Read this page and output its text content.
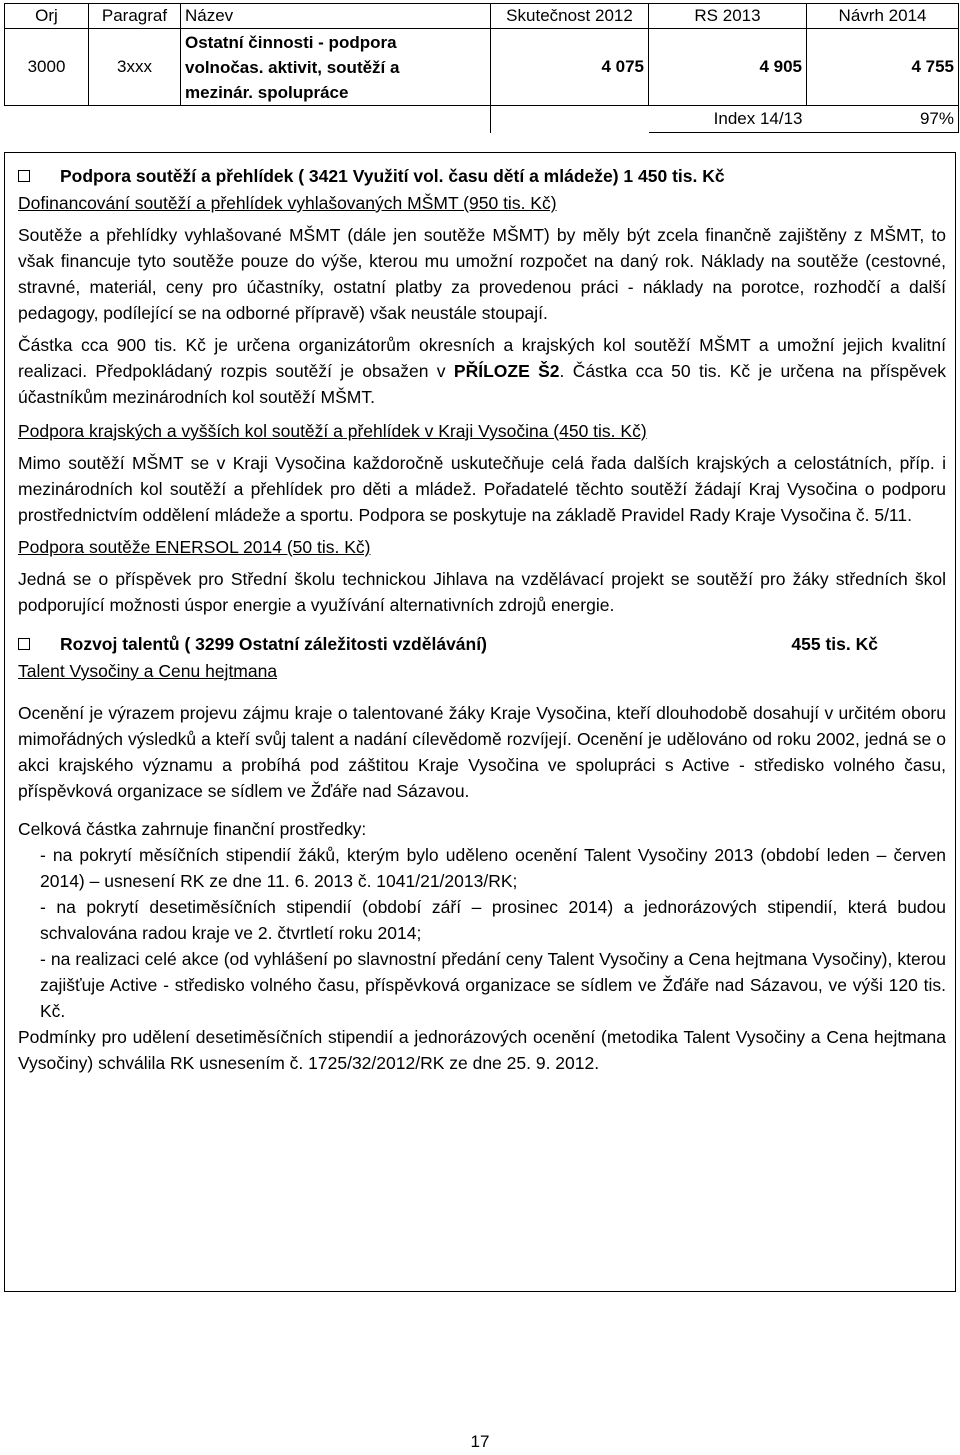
Orj	Paragraf	Název	Skutečnost 2012	RS 2013	Návrh 2014
3000	3xxx	Ostatní činnosti - podpora
volnočas. aktivit, soutěží a
mezinár. spolupráce	4 075	4 905	4 755
				Index 14/13	97%
Podpora soutěží a přehlídek ( 3421 Využití vol. času dětí a mládeže) 1 450 tis. Kč

Dofinancování soutěží a přehlídek vyhlašovaných MŠMT (950 tis. Kč)

Soutěže a přehlídky vyhlašované MŠMT (dále jen soutěže MŠMT) by měly být zcela finančně zajištěny z MŠMT, to však financuje tyto soutěže pouze do výše, kterou mu umožní rozpočet na daný rok. Náklady na soutěže (cestovné, stravné, materiál, ceny pro účastníky, ostatní platby za provedenou práci - náklady na porotce, rozhodčí a další pedagogy, podílející se na odborné přípravě) však neustále stoupají.

Částka cca 900 tis. Kč je určena organizátorům okresních a krajských kol soutěží MŠMT a umožní jejich kvalitní realizaci. Předpokládaný rozpis soutěží je obsažen v PŘÍLOZE Š2. Částka cca 50 tis. Kč je určena na příspěvek účastníkům mezinárodních kol soutěží MŠMT.

Podpora krajských a vyšších kol soutěží a přehlídek v Kraji Vysočina (450 tis. Kč)

Mimo soutěží MŠMT se v Kraji Vysočina každoročně uskutečňuje celá řada dalších krajských a celostátních, příp. i mezinárodních kol soutěží a přehlídek pro děti a mládež. Pořadatelé těchto soutěží žádají Kraj Vysočina o podporu prostřednictvím oddělení mládeže a sportu. Podpora se poskytuje na základě Pravidel Rady Kraje Vysočina č. 5/11.

Podpora soutěže ENERSOL 2014 (50 tis. Kč)

Jedná se o příspěvek pro Střední školu technickou Jihlava na vzdělávací projekt se soutěží pro žáky středních škol podporující možnosti úspor energie a využívání alternativních zdrojů energie.

Rozvoj talentů ( 3299 Ostatní záležitosti vzdělávání)	455 tis. Kč

Talent Vysočiny a Cenu hejtmana

Ocenění je výrazem projevu zájmu kraje o talentované žáky Kraje Vysočina, kteří dlouhodobě dosahují v určitém oboru mimořádných výsledků a kteří svůj talent a nadání cílevědomě rozvíjejí. Ocenění je udělováno od roku 2002, jedná se o akci krajského významu a probíhá pod záštitou Kraje Vysočina ve spolupráci s Active - středisko volného času, příspěvková organizace se sídlem ve Žďáře nad Sázavou.

Celková částka zahrnuje finanční prostředky:

- na pokrytí měsíčních stipendií žáků, kterým bylo uděleno ocenění Talent Vysočiny 2013 (období leden – červen 2014) – usnesení RK ze dne 11. 6. 2013 č. 1041/21/2013/RK;

- na pokrytí desetiměsíčních stipendií (období září – prosinec 2014) a jednorázových stipendií, která budou schvalována radou kraje ve 2. čtvrtletí roku 2014;

- na realizaci celé akce (od vyhlášení po slavnostní předání ceny Talent Vysočiny a Cena hejtmana Vysočiny), kterou zajišťuje Active - středisko volného času, příspěvková organizace se sídlem ve Žďáře nad Sázavou, ve výši 120 tis. Kč.

Podmínky pro udělení desetiměsíčních stipendií a jednorázových ocenění (metodika Talent Vysočiny a Cena hejtmana Vysočiny) schválila RK usnesením č. 1725/32/2012/RK ze dne 25. 9. 2012.

17
